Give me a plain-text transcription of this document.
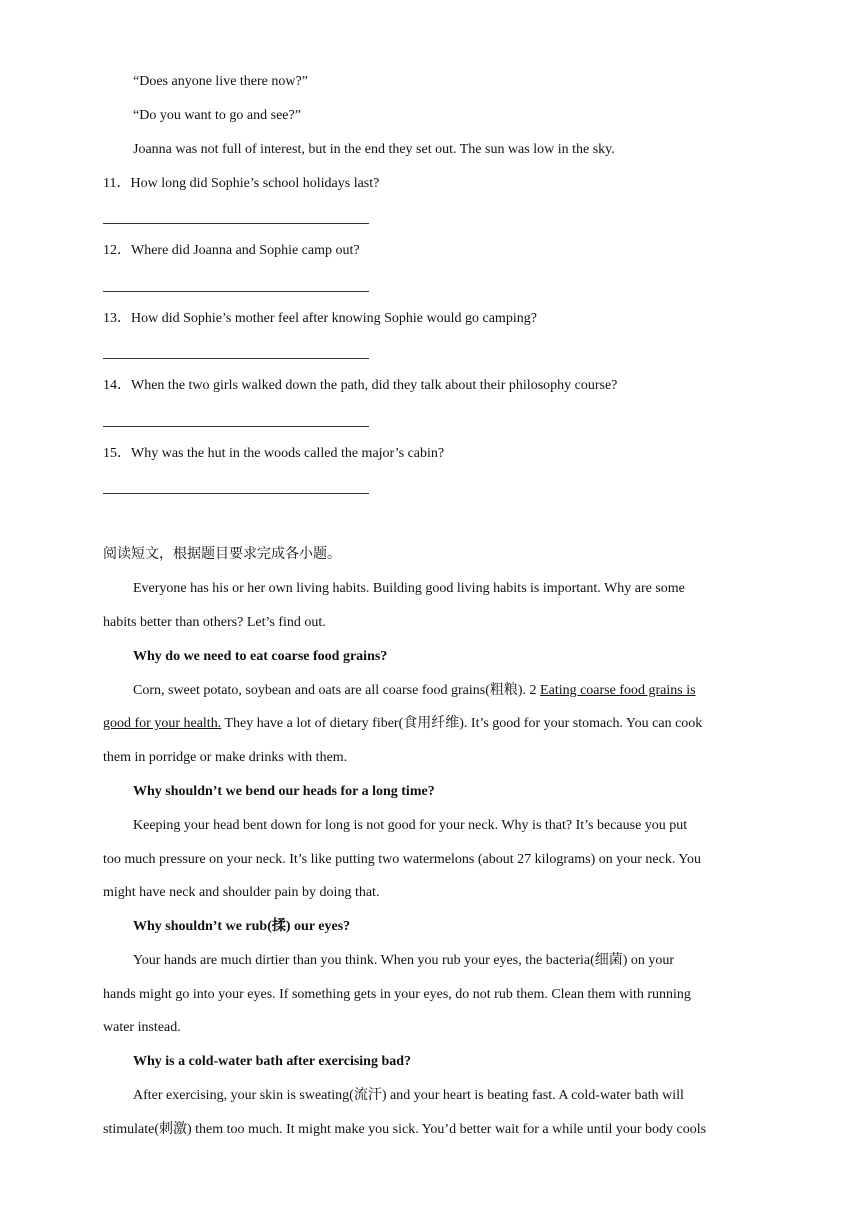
“Does anyone live there now?”
“Do you want to go and see?”
Joanna was not full of interest, but in the end they set out. The sun was low in the sky.
11．How long did Sophie’s school holidays last?
12．Where did Joanna and Sophie camp out?
13．How did Sophie’s mother feel after knowing Sophie would go camping?
14．When the two girls walked down the path, did they talk about their philosophy course?
15．Why was the hut in the woods called the major’s cabin?
阅读短文，根据题目要求完成各小题。
Everyone has his or her own living habits. Building good living habits is important. Why are some
habits better than others? Let’s find out.
Why do we need to eat coarse food grains?
Corn, sweet potato, soybean and oats are all coarse food grains(粗粮). 2 Eating coarse food grains is
good for your health. They have a lot of dietary fiber(食用纤维). It’s good for your stomach. You can cook
them in porridge or make drinks with them.
Why shouldn’t we bend our heads for a long time?
Keeping your head bent down for long is not good for your neck. Why is that? It’s because you put
too much pressure on your neck. It’s like putting two watermelons (about 27 kilograms) on your neck. You
might have neck and shoulder pain by doing that.
Why shouldn’t we rub(揉) our eyes?
Your hands are much dirtier than you think. When you rub your eyes, the bacteria(细菌) on your
hands might go into your eyes. If something gets in your eyes, do not rub them. Clean them with running
water instead.
Why is a cold-water bath after exercising bad?
After exercising, your skin is sweating(流汗) and your heart is beating fast. A cold-water bath will
stimulate(刺激) them too much. It might make you sick. You’d better wait for a while until your body cools
